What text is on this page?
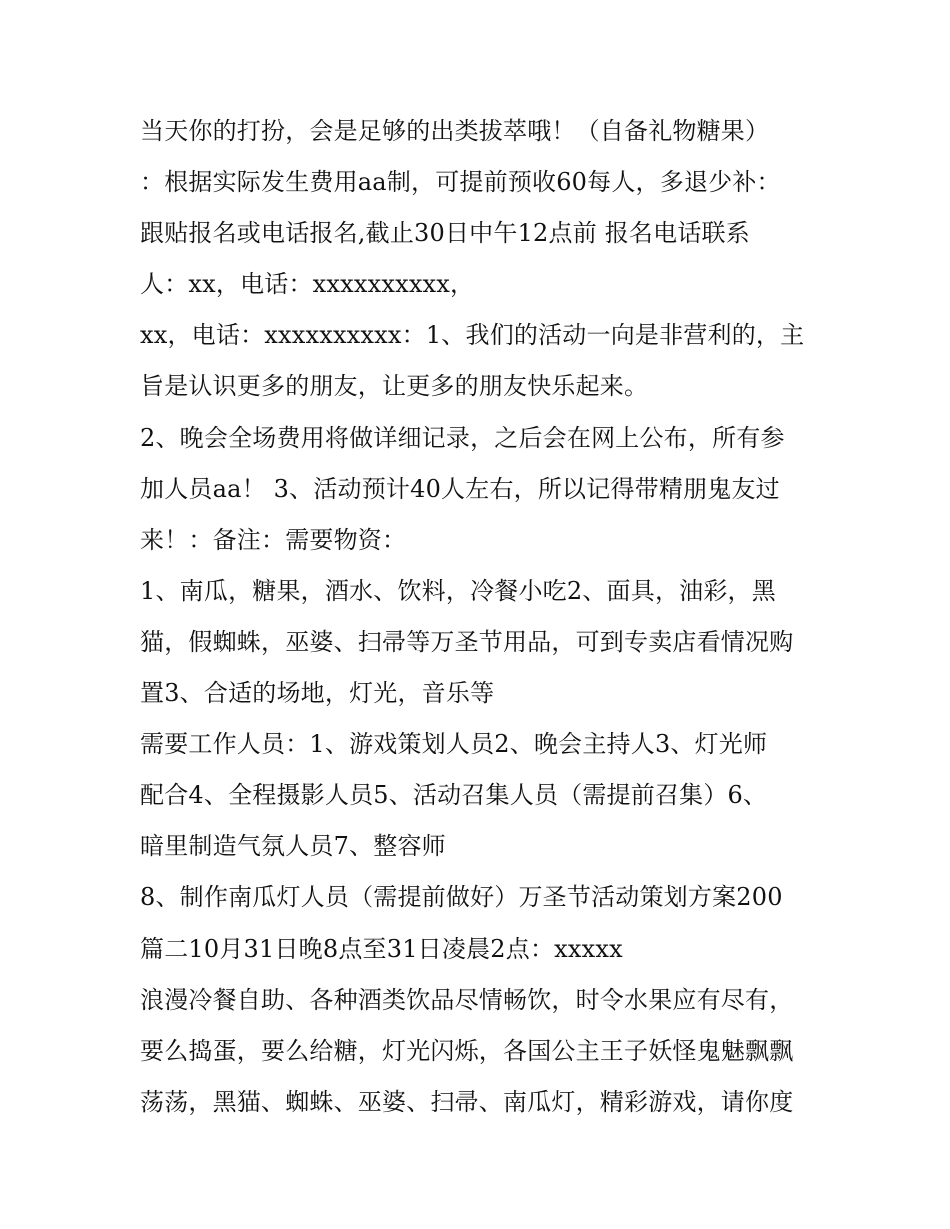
当天你的打扮，会是足够的出类拔萃哦！（自备礼物糖果）
：根据实际发生费用aa制，可提前预收60每人，多退少补：
跟贴报名或电话报名,截止30日中午12点前 报名电话联系
人：xx，电话：xxxxxxxxxx，
xx，电话：xxxxxxxxxx：1、我们的活动一向是非营利的，主
旨是认识更多的朋友，让更多的朋友快乐起来。
2、晚会全场费用将做详细记录，之后会在网上公布，所有参
加人员aa！ 3、活动预计40人左右，所以记得带精朋鬼友过
来！：备注：需要物资：
1、南瓜，糖果，酒水、饮料，冷餐小吃2、面具，油彩，黑
猫，假蜘蛛，巫婆、扫帚等万圣节用品，可到专卖店看情况购
置3、合适的场地，灯光，音乐等
需要工作人员：1、游戏策划人员2、晚会主持人3、灯光师
配合4、全程摄影人员5、活动召集人员（需提前召集）6、
暗里制造气氛人员7、整容师
8、制作南瓜灯人员（需提前做好）万圣节活动策划方案200
篇二10月31日晚8点至31日凌晨2点：xxxxx
浪漫冷餐自助、各种酒类饮品尽情畅饮，时令水果应有尽有，
要么捣蛋，要么给糖，灯光闪烁，各国公主王子妖怪鬼魅飘飘
荡荡，黑猫、蜘蛛、巫婆、扫帚、南瓜灯，精彩游戏，请你度
